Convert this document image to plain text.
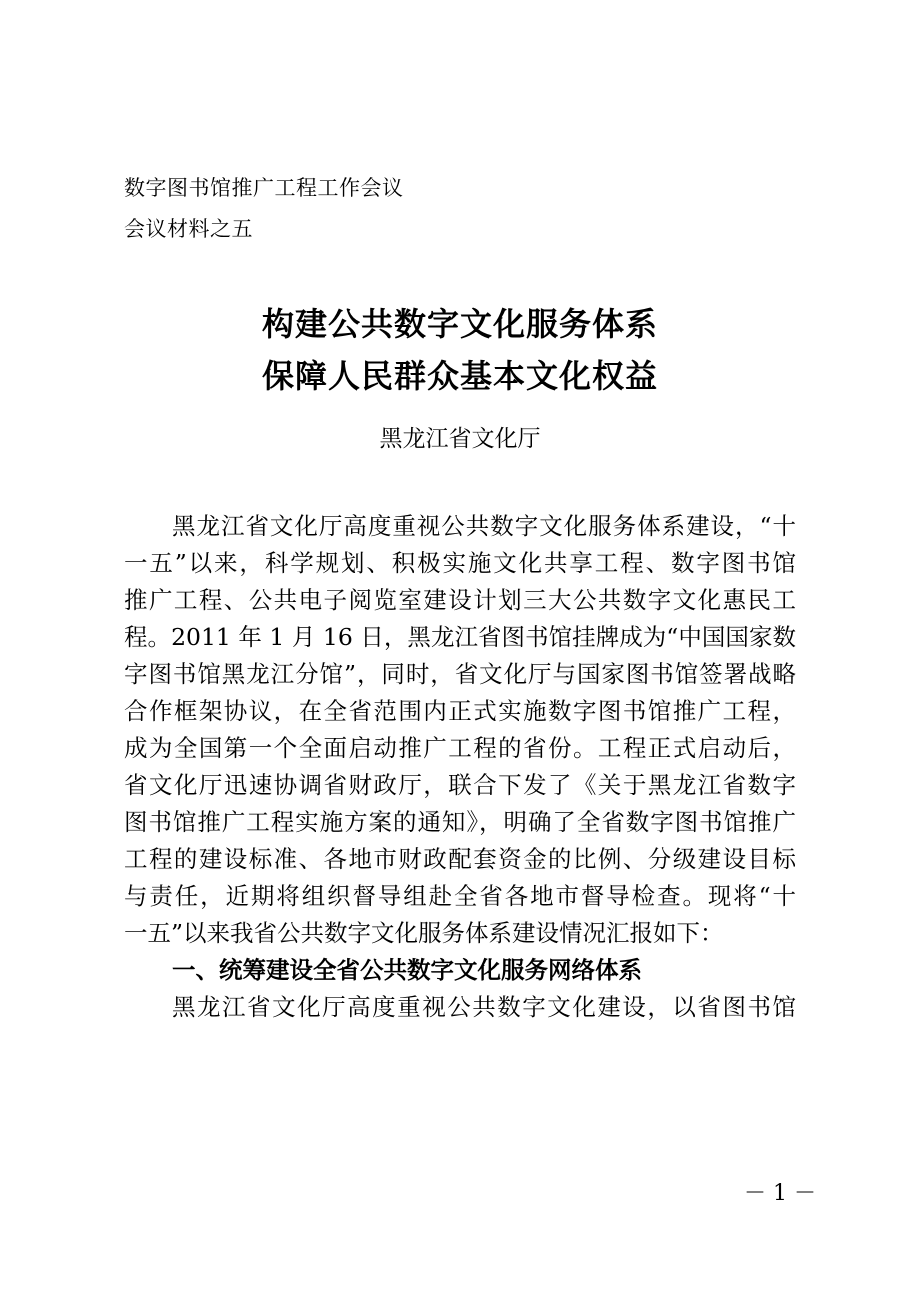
数字图书馆推广工程工作会议
会议材料之五
构建公共数字文化服务体系
保障人民群众基本文化权益
黑龙江省文化厅
黑龙江省文化厅高度重视公共数字文化服务体系建设，“十
一五”以来，科学规划、积极实施文化共享工程、数字图书馆
推广工程、公共电子阅览室建设计划三大公共数字文化惠民工
程。2011 年 1 月 16 日，黑龙江省图书馆挂牌成为“中国国家数
字图书馆黑龙江分馆”，同时，省文化厅与国家图书馆签署战略
合作框架协议，在全省范围内正式实施数字图书馆推广工程，
成为全国第一个全面启动推广工程的省份。工程正式启动后，
省文化厅迅速协调省财政厅，联合下发了《关于黑龙江省数字
图书馆推广工程实施方案的通知》，明确了全省数字图书馆推广
工程的建设标准、各地市财政配套资金的比例、分级建设目标
与责任，近期将组织督导组赴全省各地市督导检查。现将“十
一五”以来我省公共数字文化服务体系建设情况汇报如下：
一、统筹建设全省公共数字文化服务网络体系
黑龙江省文化厅高度重视公共数字文化建设，以省图书馆
－ 1 －
